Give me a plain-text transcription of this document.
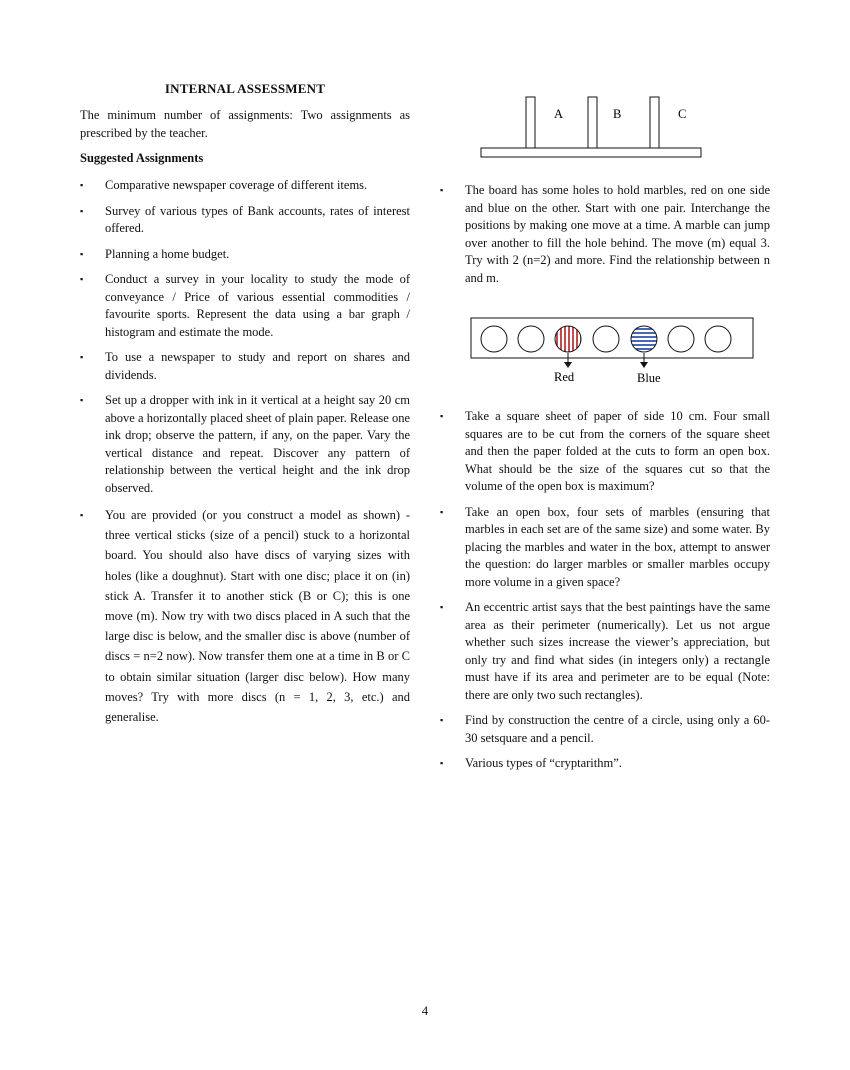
INTERNAL ASSESSMENT
The minimum number of assignments: Two assignments as prescribed by the teacher.
Suggested Assignments
▪ Comparative newspaper coverage of different items.
▪ Survey of various types of Bank accounts, rates of interest offered.
▪ Planning a home budget.
▪ Conduct a survey in your locality to study the mode of conveyance / Price of various essential commodities / favourite sports. Represent the data using a bar graph / histogram and estimate the mode.
▪ To use a newspaper to study and report on shares and dividends.
▪ Set up a dropper with ink in it vertical at a height say 20 cm above a horizontally placed sheet of plain paper. Release one ink drop; observe the pattern, if any, on the paper. Vary the vertical distance and repeat. Discover any pattern of relationship between the vertical height and the ink drop observed.
▪ You are provided (or you construct a model as shown) - three vertical sticks (size of a pencil) stuck to a horizontal board. You should also have discs of varying sizes with holes (like a doughnut). Start with one disc; place it on (in) stick A. Transfer it to another stick (B or C); this is one move (m). Now try with two discs placed in A such that the large disc is below, and the smaller disc is above (number of discs = n=2 now). Now transfer them one at a time in B or C to obtain similar situation (larger disc below). How many moves? Try with more discs (n = 1, 2, 3, etc.) and generalise.
A	B	C
▪ The board has some holes to hold marbles, red on one side and blue on the other. Start with one pair. Interchange the positions by making one move at a time. A marble can jump over another to fill the hole behind. The move (m) equal 3. Try with 2 (n=2) and more. Find the relationship between n and m.
Red	Blue
▪ Take a square sheet of paper of side 10 cm. Four small squares are to be cut from the corners of the square sheet and then the paper folded at the cuts to form an open box. What should be the size of the squares cut so that the volume of the open box is maximum?
▪ Take an open box, four sets of marbles (ensuring that marbles in each set are of the same size) and some water. By placing the marbles and water in the box, attempt to answer the question: do larger marbles or smaller marbles occupy more volume in a given space?
▪ An eccentric artist says that the best paintings have the same area as their perimeter (numerically). Let us not argue whether such sizes increase the viewer’s appreciation, but only try and find what sides (in integers only) a rectangle must have if its area and perimeter are to be equal (Note: there are only two such rectangles).
▪ Find by construction the centre of a circle, using only a 60-30 setsquare and a pencil.
▪ Various types of “cryptarithm”.
4
